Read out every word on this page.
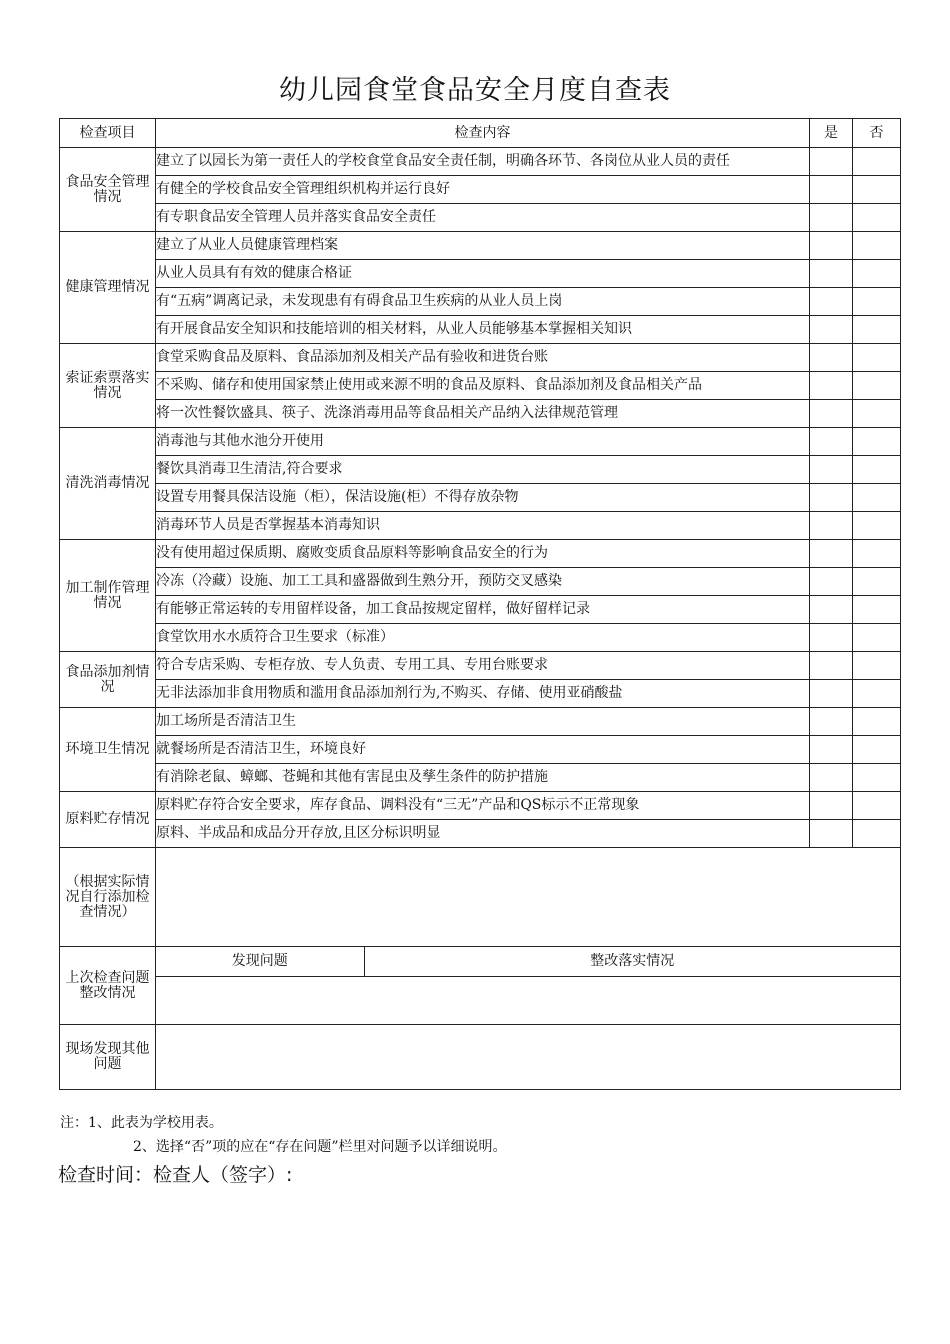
幼儿园食堂食品安全月度自查表
检查项目	检查内容	是	否
食品安全管理情况	建立了以园长为第一责任人的学校食堂食品安全责任制，明确各环节、各岗位从业人员的责任		
有健全的学校食品安全管理组织机构并运行良好		
有专职食品安全管理人员并落实食品安全责任		
健康管理情况	建立了从业人员健康管理档案		
从业人员具有有效的健康合格证		
有“五病”调离记录，未发现患有有碍食品卫生疾病的从业人员上岗		
有开展食品安全知识和技能培训的相关材料，从业人员能够基本掌握相关知识		
索证索票落实情况	食堂采购食品及原料、食品添加剂及相关产品有验收和进货台账		
不采购、储存和使用国家禁止使用或来源不明的食品及原料、食品添加剂及食品相关产品		
将一次性餐饮盛具、筷子、洗涤消毒用品等食品相关产品纳入法律规范管理		
清洗消毒情况	消毒池与其他水池分开使用		
餐饮具消毒卫生清洁,符合要求		
设置专用餐具保洁设施（柜），保洁设施(柜）不得存放杂物		
消毒环节人员是否掌握基本消毒知识		
加工制作管理情况	没有使用超过保质期、腐败变质食品原料等影响食品安全的行为		
冷冻（冷藏）设施、加工工具和盛器做到生熟分开，预防交叉感染		
有能够正常运转的专用留样设备，加工食品按规定留样，做好留样记录		
食堂饮用水水质符合卫生要求（标准）		
食品添加剂情况	符合专店采购、专柜存放、专人负责、专用工具、专用台账要求		
无非法添加非食用物质和滥用食品添加剂行为,不购买、存储、使用亚硝酸盐		
环境卫生情况	加工场所是否清洁卫生		
就餐场所是否清洁卫生，环境良好		
有消除老鼠、蟑螂、苍蝇和其他有害昆虫及孳生条件的防护措施		
原料贮存情况	原料贮存符合安全要求，库存食品、调料没有“三无”产品和QS标示不正常现象		
原料、半成品和成品分开存放,且区分标识明显		
（根据实际情况自行添加检查情况）	
上次检查问题整改情况	
发现问题	整改落实情况

现场发现其他问题	
注：1、此表为学校用表。
2、选择“否”项的应在“存在问题”栏里对问题予以详细说明。
检查时间：检查人（签字）:
